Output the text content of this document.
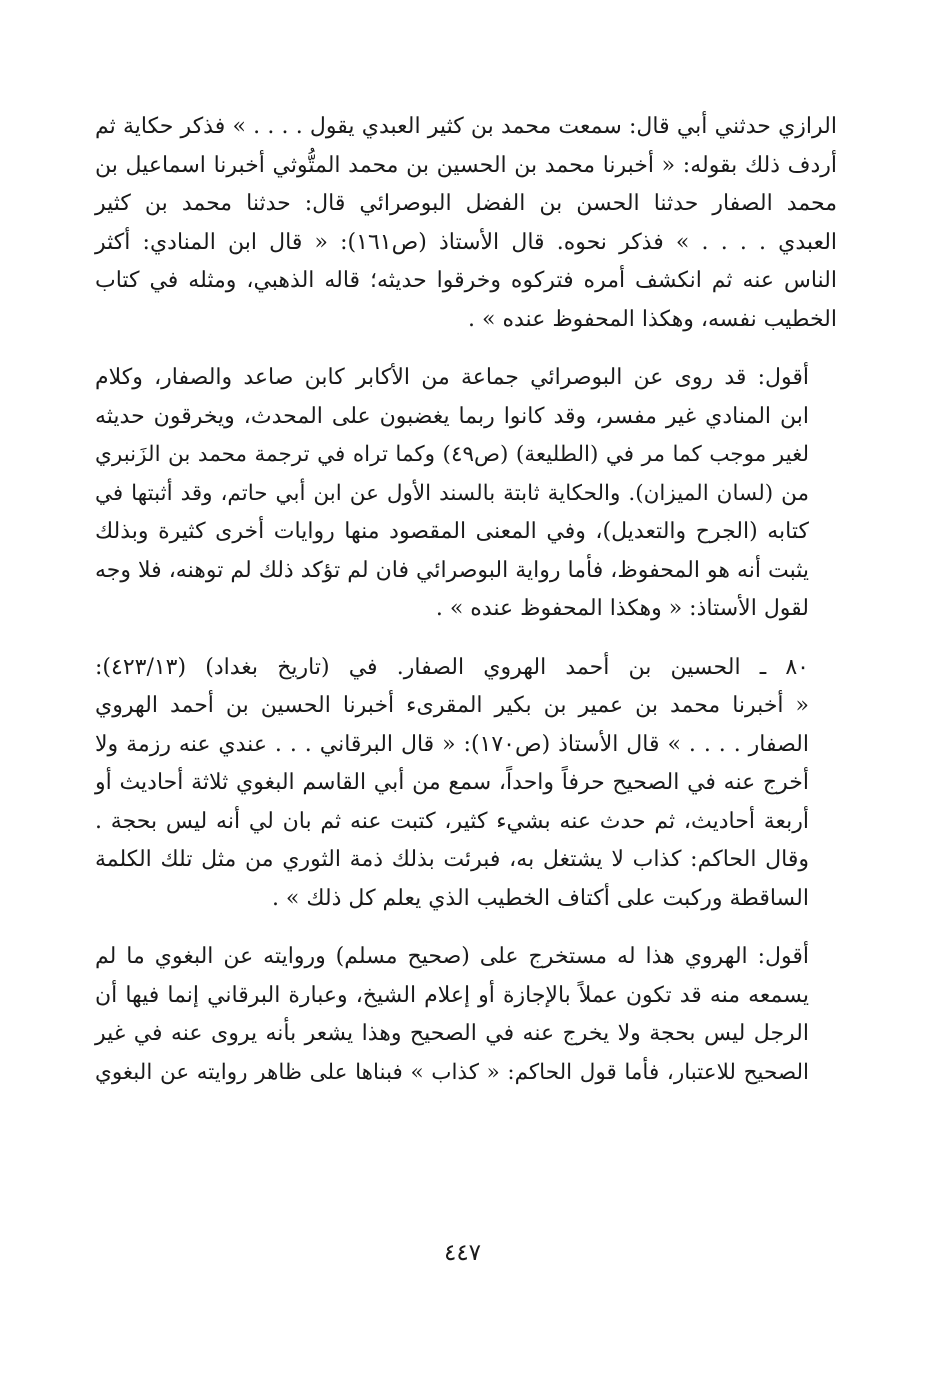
الرازي حدثني أبي قال: سمعت محمد بن كثير العبدي يقول . . . . » فذكر حكاية ثم
أردف ذلك بقوله: « أخبرنا محمد بن الحسين بن محمد المتُّوثي أخبرنا اسماعيل بن
محمد الصفار حدثنا الحسن بن الفضل البوصرائي قال: حدثنا محمد بن كثير
العبدي . . . . » فذكر نحوه. قال الأستاذ (ص١٦١): « قال ابن المنادي: أكثر
الناس عنه ثم انكشف أمره فتركوه وخرقوا حديثه؛ قاله الذهبي، ومثله في كتاب
الخطيب نفسه، وهكذا المحفوظ عنده » .

أقول: قد روى عن البوصرائي جماعة من الأكابر كابن صاعد والصفار، وكلام
ابن المنادي غير مفسر، وقد كانوا ربما يغضبون على المحدث، ويخرقون حديثه
لغير موجب كما مر في (الطليعة) (ص٤٩) وكما تراه في ترجمة محمد بن الزَنبري
من (لسان الميزان). والحكاية ثابتة بالسند الأول عن ابن أبي حاتم، وقد أثبتها في
كتابه (الجرح والتعديل)، وفي المعنى المقصود منها روايات أخرى كثيرة وبذلك
يثبت أنه هو المحفوظ، فأما رواية البوصرائي فان لم تؤكد ذلك لم توهنه، فلا وجه
لقول الأستاذ: « وهكذا المحفوظ عنده » .

٨٠ ـ الحسين بن أحمد الهروي الصفار. في (تاريخ بغداد) (٤٢٣/١٣):
« أخبرنا محمد بن عمير بن بكير المقرىء أخبرنا الحسين بن أحمد الهروي
الصفار . . . . » قال الأستاذ (ص١٧٠): « قال البرقاني . . . عندي عنه رزمة ولا
أخرج عنه في الصحيح حرفاً واحداً، سمع من أبي القاسم البغوي ثلاثة أحاديث أو
أربعة أحاديث، ثم حدث عنه بشيء كثير، كتبت عنه ثم بان لي أنه ليس بحجة .
وقال الحاكم: كذاب لا يشتغل به، فبرئت بذلك ذمة الثوري من مثل تلك الكلمة
الساقطة وركبت على أكتاف الخطيب الذي يعلم كل ذلك » .

أقول: الهروي هذا له مستخرج على (صحيح مسلم) وروايته عن البغوي ما لم
يسمعه منه قد تكون عملاً بالإجازة أو إعلام الشيخ، وعبارة البرقاني إنما فيها أن
الرجل ليس بحجة ولا يخرج عنه في الصحيح وهذا يشعر بأنه يروى عنه في غير
الصحيح للاعتبار، فأما قول الحاكم: « كذاب » فبناها على ظاهر روايته عن البغوي

٤٤٧
